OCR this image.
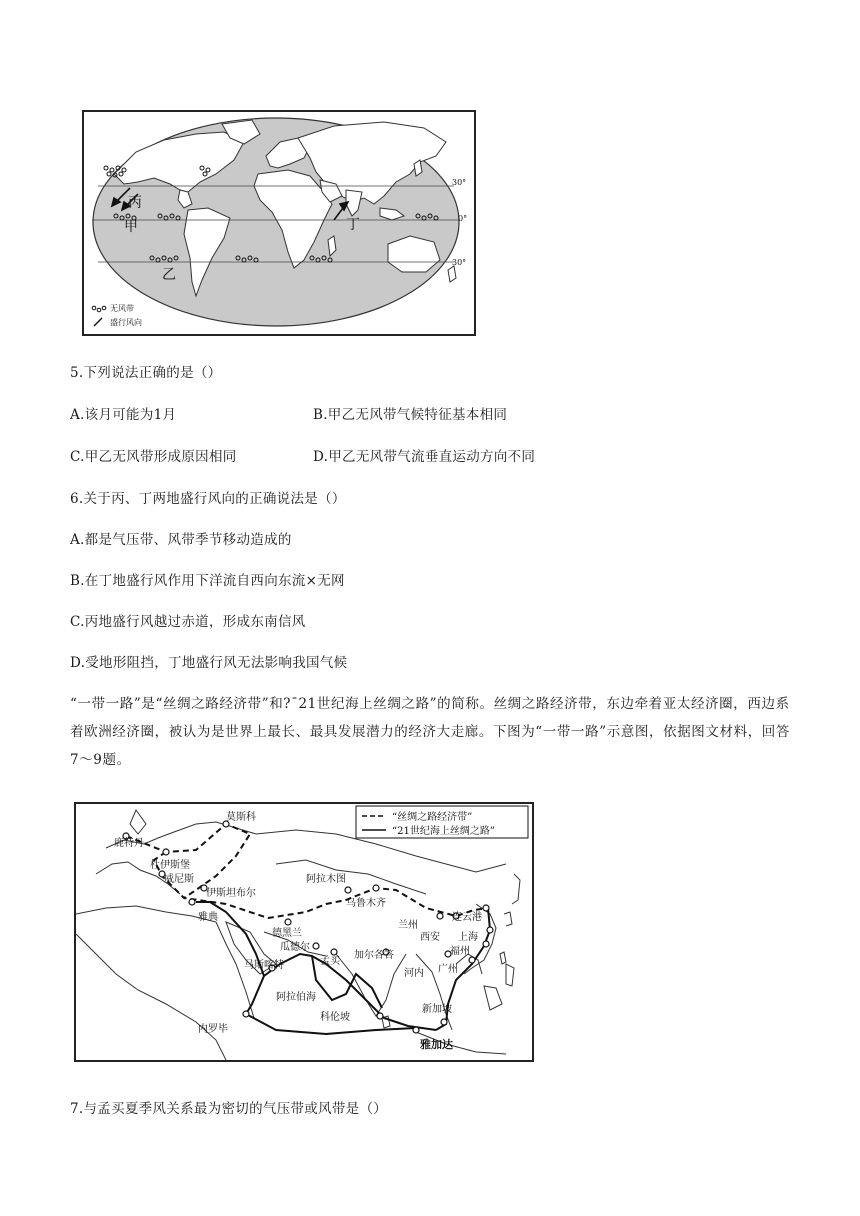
丙
甲
乙
丁
30°
0°
30°
无风带
盛行风向
5.下列说法正确的是（）
A.该月可能为1月	B.甲乙无风带气候特征基本相同
C.甲乙无风带形成原因相同	D.甲乙无风带气流垂直运动方向不同
6.关于丙、丁两地盛行风向的正确说法是（）
A.都是气压带、风带季节移动造成的
B.在丁地盛行风作用下洋流自西向东流×无网
C.丙地盛行风越过赤道，形成东南信风
D.受地形阻挡，丁地盛行风无法影响我国气候
“一带一路”是“丝绸之路经济带”和?ˉ21世纪海上丝绸之路”的简称。丝绸之路经济带，东边牵着亚太经济圈，西边系着欧洲经济圈，被认为是世界上最长、最具发展潜力的经济大走廊。下图为“一带一路”示意图，依据图文材料，回答7～9题。
“丝绸之路经济带”
“21世纪海上丝绸之路”
鹿特丹
莫斯科
杜伊斯堡
威尼斯
伊斯坦布尔
阿拉木图
乌鲁木齐
兰州
西安
连云港
上海
福州
广州
雅典
德黑兰
瓜德尔
孟买
加尔各答
河内
马斯喀特
阿拉伯海
科伦坡
新加坡
内罗毕
雅加达
7.与孟买夏季风关系最为密切的气压带或风带是（）
